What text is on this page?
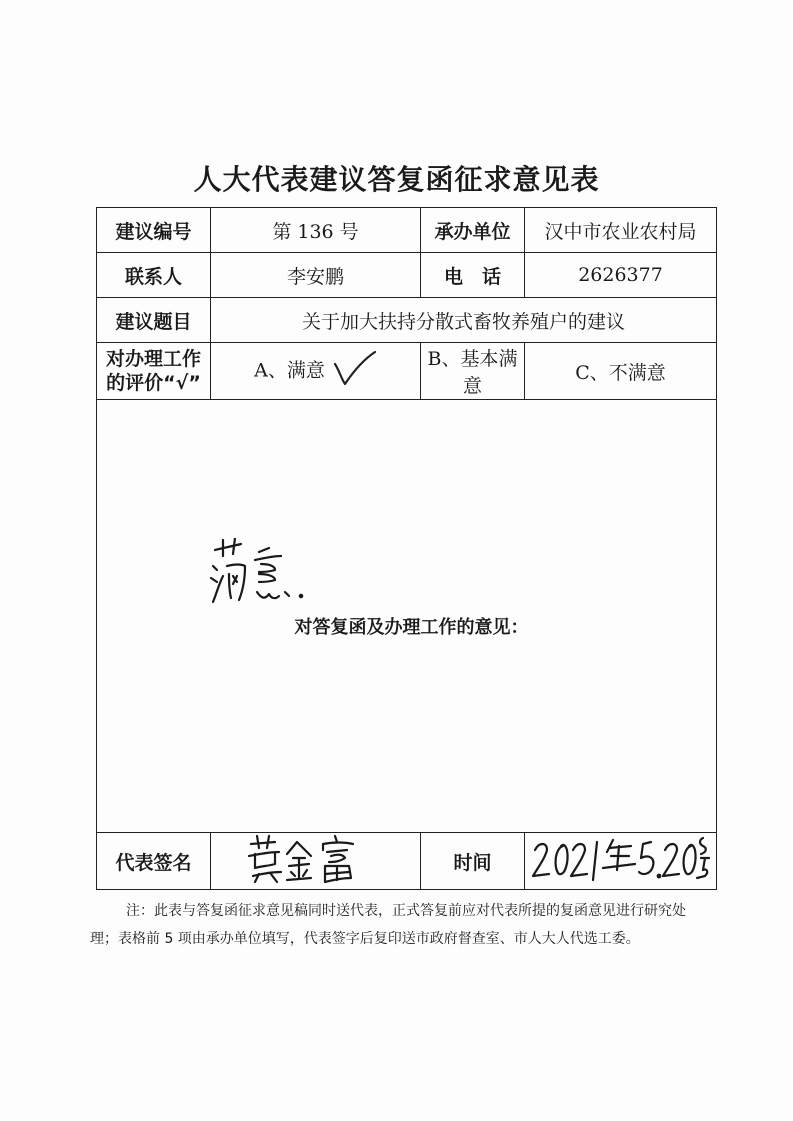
人大代表建议答复函征求意见表
建议编号	第 136 号	承办单位	汉中市农业农村局
联系人	李安鹏	电　话	2626377
建议题目	关于加大扶持分散式畜牧养殖户的建议		
对办理工作
的评价“√”	A、满意	B、基本满意	C、不满意

对答复函及办理工作的意见：			

代表签名		时间	
注：此表与答复函征求意见稿同时送代表，正式答复前应对代表所提的复函意见进行研究处理；表格前 5 项由承办单位填写，代表签字后复印送市政府督查室、市人大人代选工委。
